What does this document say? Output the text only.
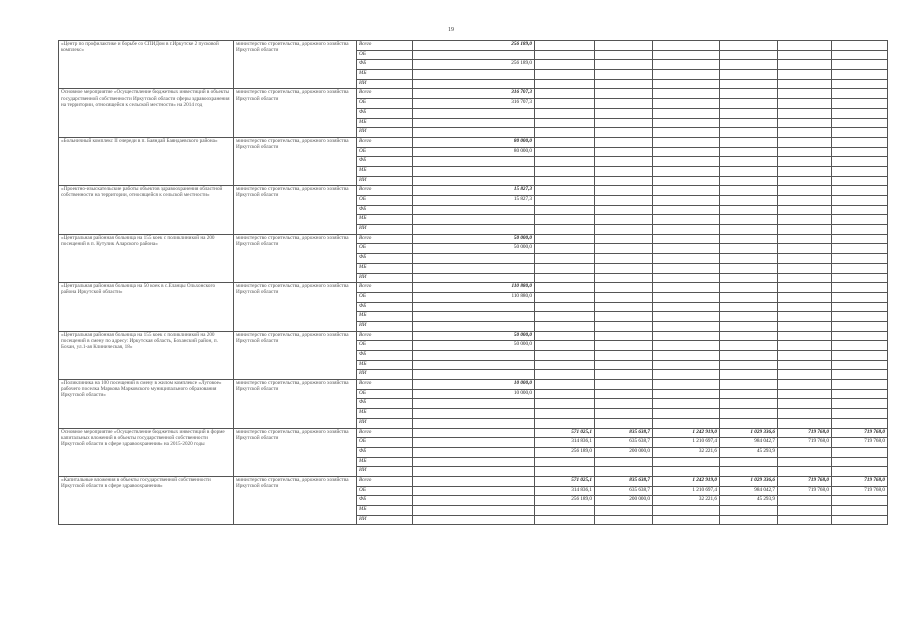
19
«Центр по профилактике и борьбе со СПИДом в г.Иркутске 2 пусковой комплекс»	министерство строительства, дорожного хозяйства Иркутской области	Всего	256 189,0						
		ОБ							
		ФБ	256 189,0						
		МБ							
		ИИ							
Основное мероприятие «Осуществление бюджетных инвестиций в объекты государственной собственности Иркутской области сферы здравоохранения на территории, относящейся к сельской местности» на 2014 год	министерство строительства, дорожного хозяйства Иркутской области	Всего	316 707,3						
		ОБ	316 707,3						
		ФБ							
		МБ							
		ИИ							
«Больничный комплекс II очереди в п. Баяндай Баяндаевского района»	министерство строительства, дорожного хозяйства Иркутской области	Всего	80 000,0						
		ОБ	80 000,0						
		ФБ							
		МБ							
		ИИ							
«Проектно-изыскательские работы объектов здравоохранения областной собственности на территории, относящейся к сельской местности»	министерство строительства, дорожного хозяйства Иркутской области	Всего	15 827,3						
		ОБ	15 827,3						
		ФБ							
		МБ							
		ИИ							
«Центральная районная больница на 155 коек с поликлиникой на 200 посещений в п. Кутулик Аларского района»	министерство строительства, дорожного хозяйства Иркутской области	Всего	50 000,0						
		ОБ	50 000,0						
		ФБ							
		МБ							
		ИИ							
«Центральная районная больница на 50 коек в с.Еланцы Ольхонского района Иркутской области»	министерство строительства, дорожного хозяйства Иркутской области	Всего	110 880,0						
		ОБ	110 880,0						
		ФБ							
		МБ							
		ИИ							
«Центральная районная больница на 155 коек с поликлиникой на 200 посещений в смену по адресу: Иркутская область, Боханский район, п. Бохан, ул.1-ая Клиническая, 18»	министерство строительства, дорожного хозяйства Иркутской области	Всего	50 000,0						
		ОБ	50 000,0						
		ФБ							
		МБ							
		ИИ							
«Поликлиника на 100 посещений в смену в жилом комплексе «Луговое» рабочего поселка Маркова Марковского муниципального образования Иркутской области»	министерство строительства, дорожного хозяйства Иркутской области	Всего	10 000,0						
		ОБ	10 000,0						
		ФБ							
		МБ							
		ИИ							
Основное мероприятие «Осуществление бюджетных инвестиций в форме капитальных вложений в объекты государственной собственности Иркутской области в сфере здравоохранения» на 2015-2020 годы	министерство строительства, дорожного хозяйства Иркутской области	Всего		571 025,1	835 638,7	1 242 919,0	1 029 336,6	719 768,0	719 768,0
		ОБ		314 836,1	635 638,7	1 210 697,4	984 042,7	719 768,0	719 768,0
		ФБ		256 189,0	200 000,0	32 221,6	45 293,9		
		МБ							
		ИИ							
«Капитальные вложения в объекты государственной собственности Иркутской области в сфере здравоохранения»	министерство строительства, дорожного хозяйства Иркутской области	Всего		571 025,1	835 638,7	1 242 919,0	1 029 336,6	719 768,0	719 768,0
		ОБ		314 836,1	635 638,7	1 210 697,4	984 042,7	719 768,0	719 768,0
		ФБ		256 189,0	200 000,0	32 221,6	45 293,9		
		МБ							
		ИИ							
